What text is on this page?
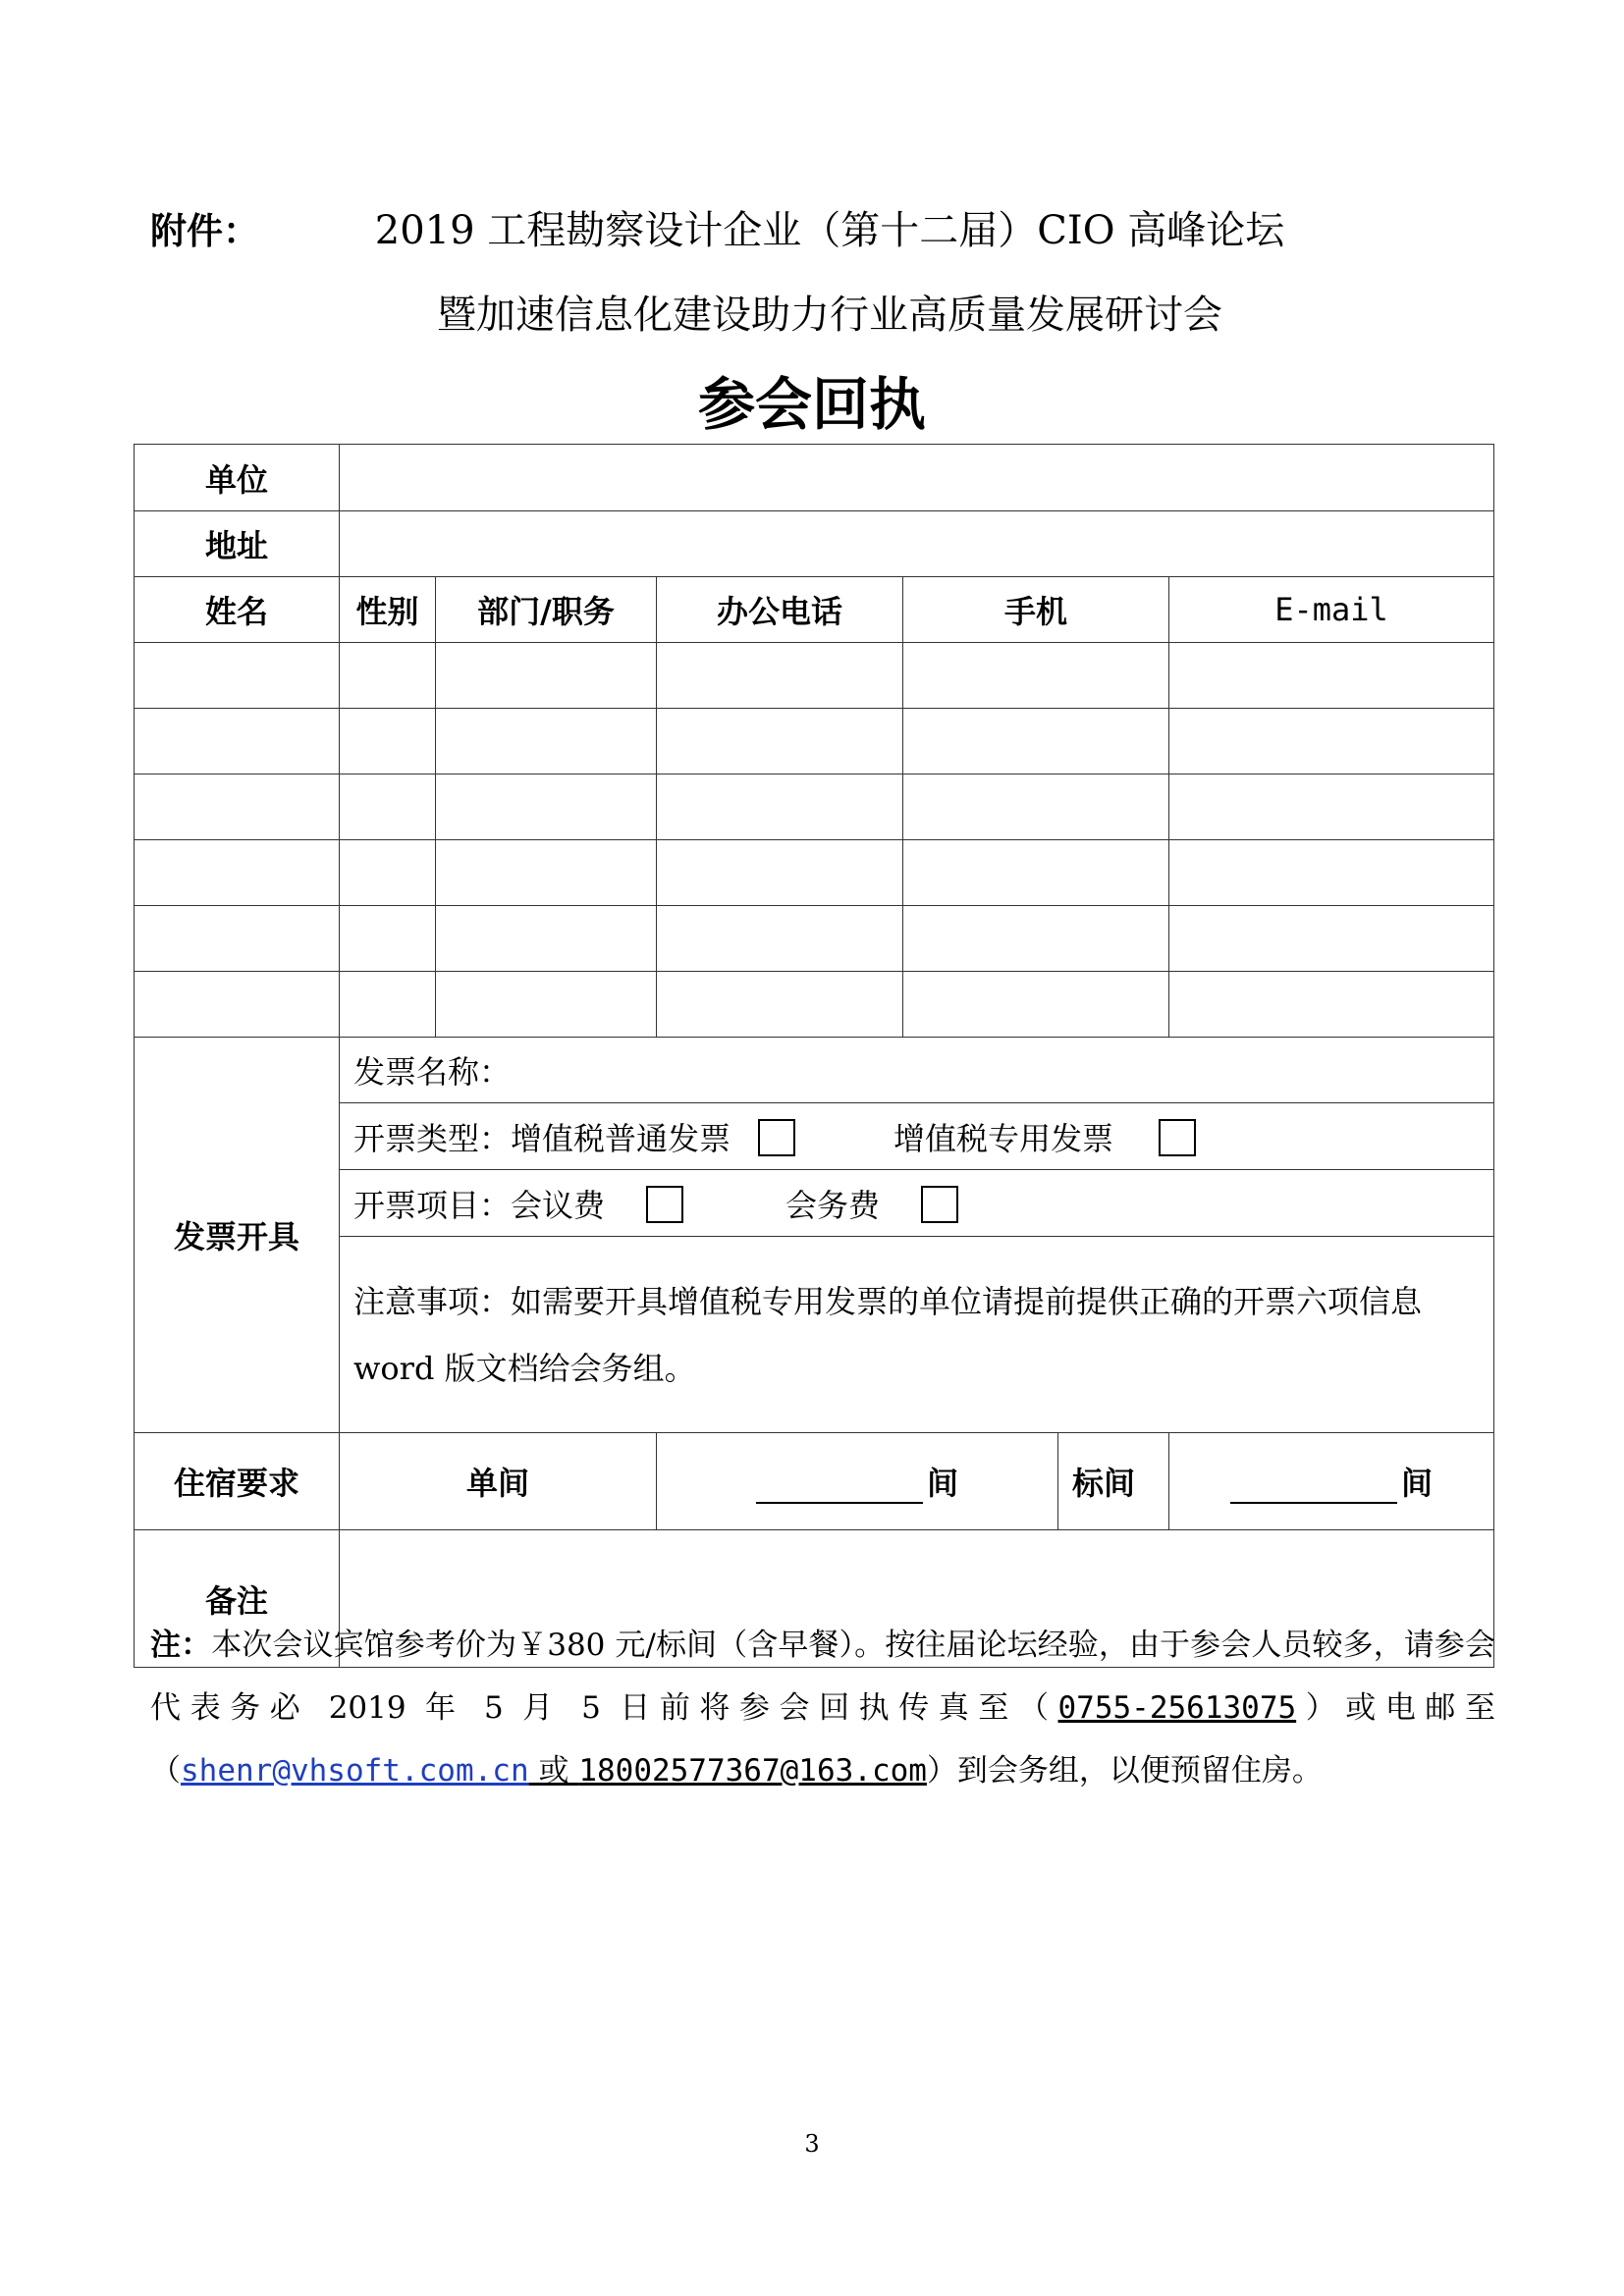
附件：	2019 工程勘察设计企业（第十二届）CIO 高峰论坛
暨加速信息化建设助力行业高质量发展研讨会
参会回执
单位						
地址						
姓名	性别	部门/职务	办公电话	手机		E-mail

发票开具	发票名称：					
	开票类型：增值税普通发票 增值税专用发票					
	开票项目：会议费 会务费					

	注意事项：如需要开具增值税专用发票的单位请提前提供正确的开票六项信息
word 版文档给会务组。					

住宿要求	单间		间		标间	间
备注						
注：本次会议宾馆参考价为￥380 元/标间（含早餐）。按往届论坛经验，由于参会人员较多，请参会代表务必 2019 年 5 月 5 日前将参会回执传真至（0755-25613075）或电邮至（shenr@vhsoft.com.cn 或 18002577367@163.com）到会务组，以便预留住房。
3
